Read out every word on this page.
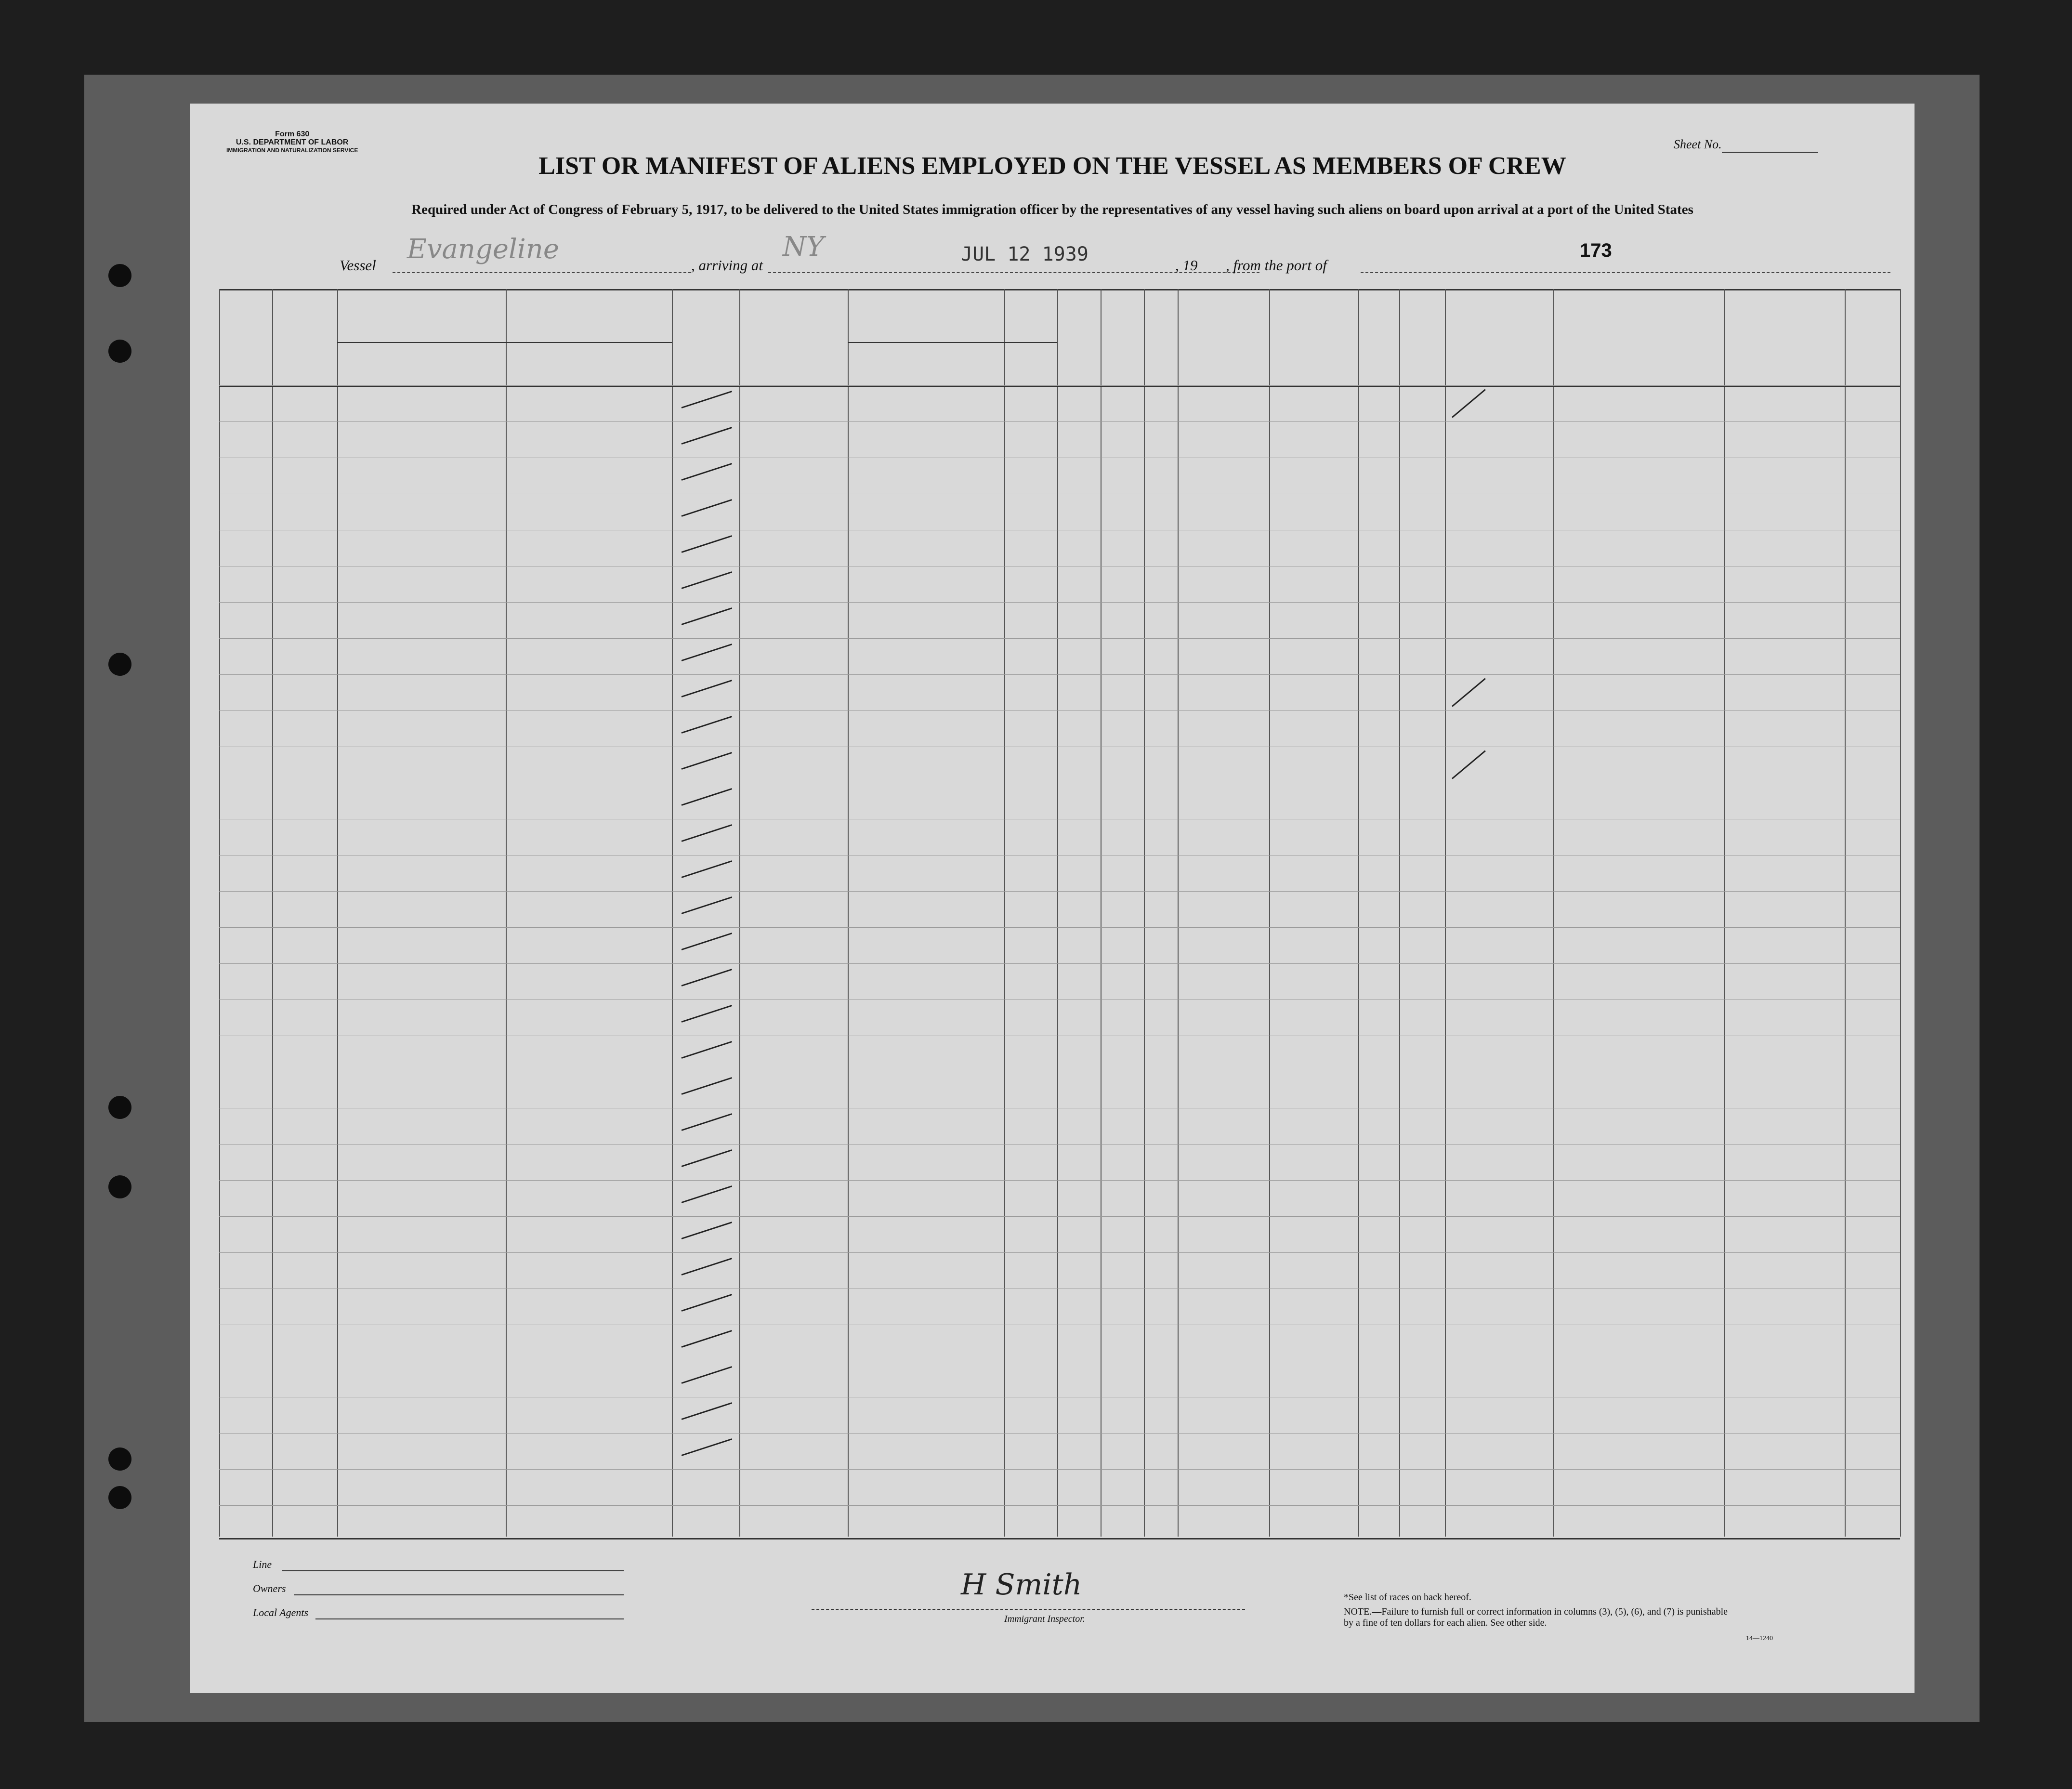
Form 630
U.S. DEPARTMENT OF LABOR
IMMIGRATION AND NATURALIZATION SERVICE	Sheet No.
LIST OR MANIFEST OF ALIENS EMPLOYED ON THE VESSEL AS MEMBERS OF CREW
Required under Act of Congress of February 5, 1917, to be delivered to the United States immigration officer by the representatives of any vessel having such aliens on board upon arrival at a port of the United States
Vessel
Evangeline
, arriving at
NY	JUL 12 1939	, 19 , from the port of
173
Line
Owners
Local Agents
H Smith
Immigrant Inspector.
*See list of races on back hereof.
NOTE.—Failure to furnish full or correct information in columns (3), (5), (6), and (7) is punishable by a fine of ten dollars for each alien. See other side.
14—1240
